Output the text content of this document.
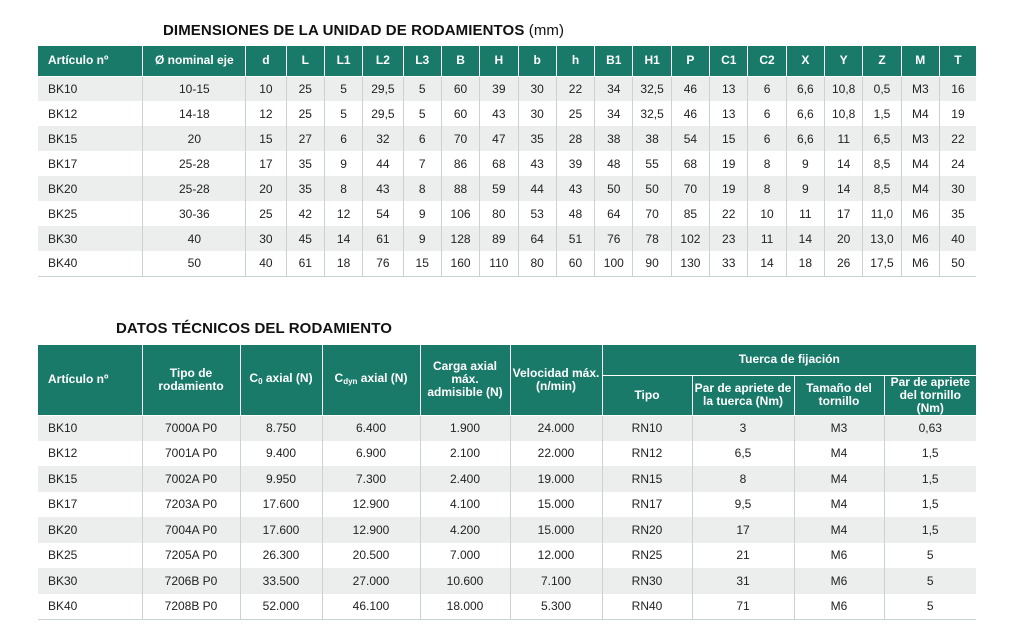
DIMENSIONES DE LA UNIDAD DE RODAMIENTOS (mm)
Artículo nº	Ø nominal eje	d	L	L1	L2	L3	B	H	b	h	B1	H1	P	C1	C2	X	Y	Z	M	T
BK10	10-15	10	25	5	29,5	5	60	39	30	22	34	32,5	46	13	6	6,6	10,8	0,5	M3	16
BK12	14-18	12	25	5	29,5	5	60	43	30	25	34	32,5	46	13	6	6,6	10,8	1,5	M4	19
BK15	20	15	27	6	32	6	70	47	35	28	38	38	54	15	6	6,6	11	6,5	M3	22
BK17	25-28	17	35	9	44	7	86	68	43	39	48	55	68	19	8	9	14	8,5	M4	24
BK20	25-28	20	35	8	43	8	88	59	44	43	50	50	70	19	8	9	14	8,5	M4	30
BK25	30-36	25	42	12	54	9	106	80	53	48	64	70	85	22	10	11	17	11,0	M6	35
BK30	40	30	45	14	61	9	128	89	64	51	76	78	102	23	11	14	20	13,0	M6	40
BK40	50	40	61	18	76	15	160	110	80	60	100	90	130	33	14	18	26	17,5	M6	50
DATOS TÉCNICOS DEL RODAMIENTO
Artículo nº	Tipo de rodamiento	$C_0$ axial (N)	$C_{dyn}$ axial (N)	Carga axial máx. admisible (N)	Velocidad máx. (n/min)	Tuerca de fijación			
						Tipo	Par de apriete de la tuerca (Nm)	Tamaño del tornillo	Par de apriete del tornillo (Nm)
BK10	7000A P0	8.750	6.400	1.900	24.000	RN10	3	M3	0,63
BK12	7001A P0	9.400	6.900	2.100	22.000	RN12	6,5	M4	1,5
BK15	7002A P0	9.950	7.300	2.400	19.000	RN15	8	M4	1,5
BK17	7203A P0	17.600	12.900	4.100	15.000	RN17	9,5	M4	1,5
BK20	7004A P0	17.600	12.900	4.200	15.000	RN20	17	M4	1,5
BK25	7205A P0	26.300	20.500	7.000	12.000	RN25	21	M6	5
BK30	7206B P0	33.500	27.000	10.600	7.100	RN30	31	M6	5
BK40	7208B P0	52.000	46.100	18.000	5.300	RN40	71	M6	5
